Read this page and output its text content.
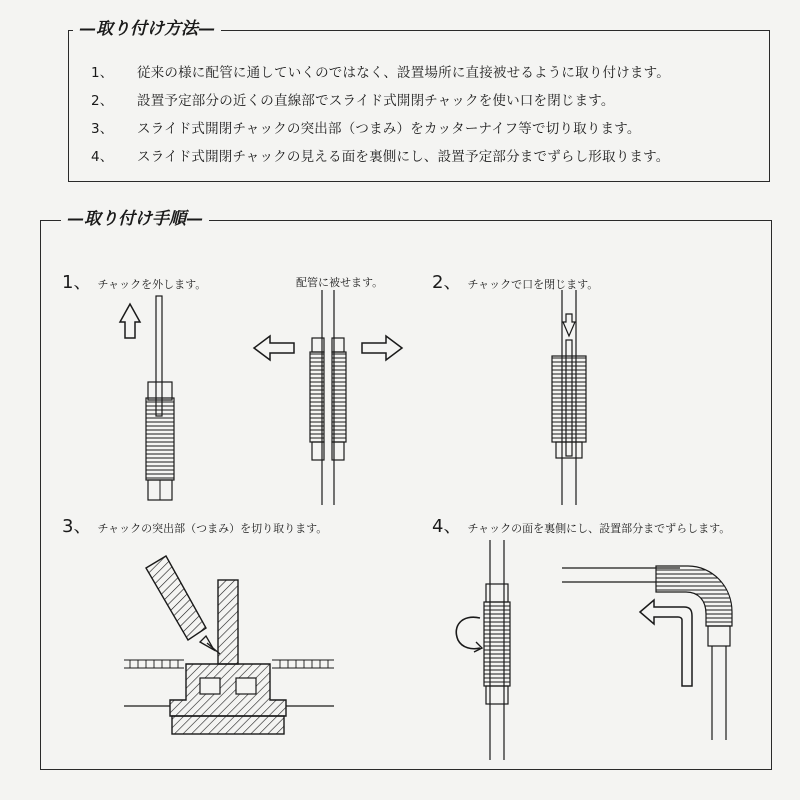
—取り付け方法—
1、	従来の様に配管に通していくのではなく、設置場所に直接被せるように取り付けます。
2、	設置予定部分の近くの直線部でスライド式開閉チャックを使い口を閉じます。
3、	スライド式開閉チャックの突出部（つまみ）をカッターナイフ等で切り取ります。
4、	スライド式開閉チャックの見える面を裏側にし、設置予定部分までずらし形取ります。
—取り付け手順—
1、 チャックを外します。	配管に被せます。	2、 チャックで口を閉じます。
3、 チャックの突出部（つまみ）を切り取ります。	4、 チャックの面を裏側にし、設置部分までずらします。
